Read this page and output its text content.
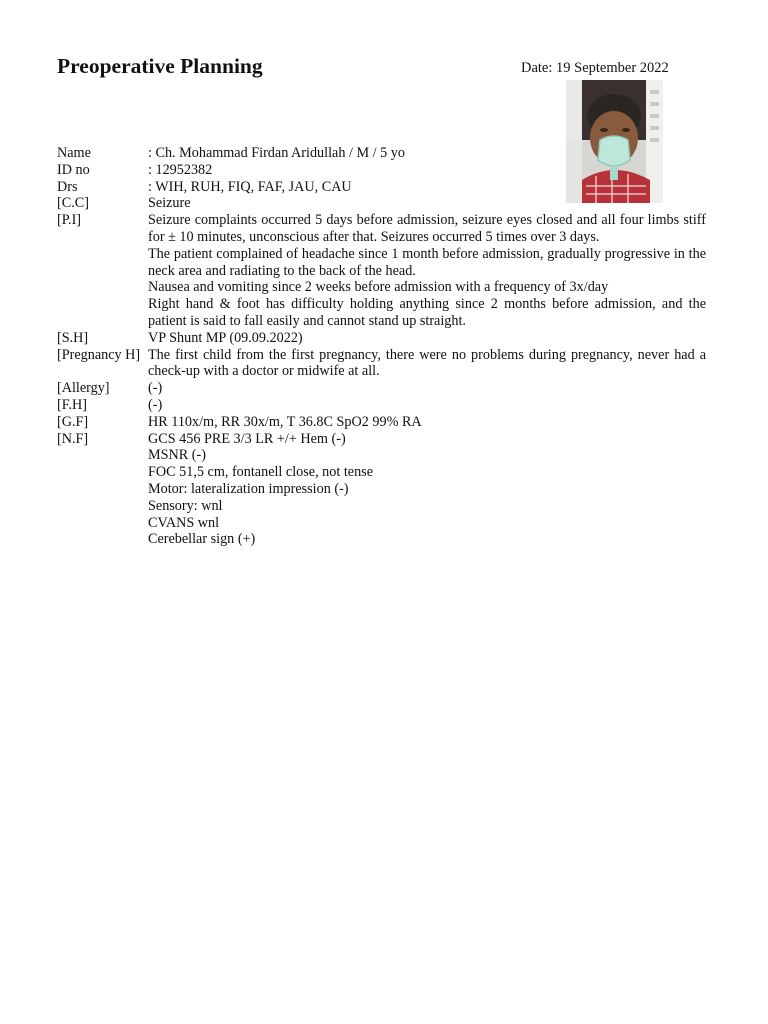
Preoperative Planning	Date: 19 September 2022
Name	: Ch. Mohammad Firdan Aridullah / M / 5 yo

ID no	: 12952382

Drs	: WIH, RUH, FIQ, FAF, JAU, CAU

[C.C]	Seizure

[P.I]	Seizure complaints occurred 5 days before admission, seizure eyes closed and all four limbs stiff for ± 10 minutes, unconscious after that. Seizures occurred 5 times over 3 days.

The patient complained of headache since 1 month before admission, gradually progressive in the neck area and radiating to the back of the head.

Nausea and vomiting since 2 weeks before admission with a frequency of 3x/day

Right hand & foot has difficulty holding anything since 2 months before admission, and the patient is said to fall easily and cannot stand up straight.

[S.H]	VP Shunt MP (09.09.2022)

[Pregnancy H] The first child from the first pregnancy, there were no problems during pregnancy, never had a check-up with a doctor or midwife at all.

[Allergy]	(-)

[F.H]	(-)

[G.F]	HR 110x/m, RR 30x/m, T 36.8C SpO2 99% RA

[N.F]	GCS 456 PRE 3/3 LR +/+ Hem (-)

MSNR (-)

FOC 51,5 cm, fontanell close, not tense

Motor: lateralization impression (-)

Sensory: wnl

CVANS wnl

Cerebellar sign (+)
